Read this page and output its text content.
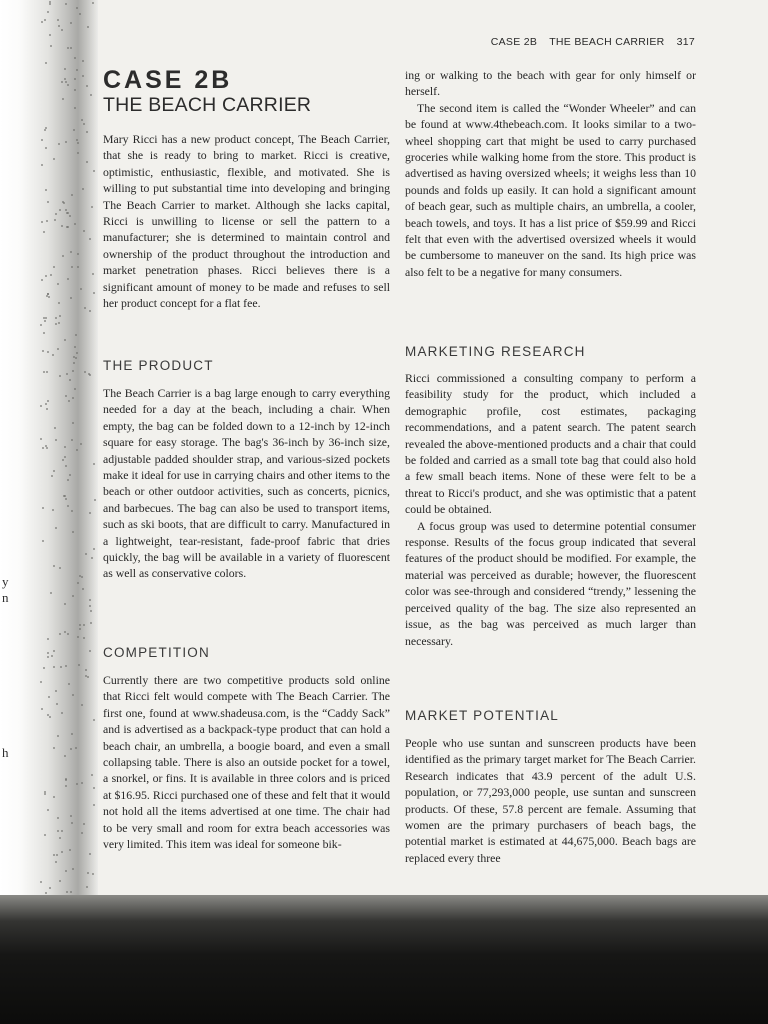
y
n
h
CASE 2B THE BEACH CARRIER 317
CASE 2B
THE BEACH CARRIER

Mary Ricci has a new product concept, The Beach Carrier, that she is ready to bring to market. Ricci is creative, optimistic, enthusiastic, flexible, and motivated. She is willing to put substantial time into developing and bringing The Beach Carrier to market. Although she lacks capital, Ricci is unwilling to license or sell the pattern to a manufacturer; she is determined to maintain control and ownership of the product throughout the introduction and market penetration phases. Ricci believes there is a significant amount of money to be made and refuses to sell her product concept for a flat fee.

THE PRODUCT

The Beach Carrier is a bag large enough to carry everything needed for a day at the beach, including a chair. When empty, the bag can be folded down to a 12-inch by 12-inch square for easy storage. The bag's 36-inch by 36-inch size, adjustable padded shoulder strap, and various-sized pockets make it ideal for use in carrying chairs and other items to the beach or other outdoor activities, such as concerts, picnics, and barbecues. The bag can also be used to transport items, such as ski boots, that are difficult to carry. Manufactured in a lightweight, tear-resistant, fade-proof fabric that dries quickly, the bag will be available in a variety of fluorescent as well as conservative colors.

COMPETITION

Currently there are two competitive products sold online that Ricci felt would compete with The Beach Carrier. The first one, found at www.shadeusa.com, is the “Caddy Sack” and is advertised as a backpack-type product that can hold a beach chair, an umbrella, a boogie board, and even a small collapsing table. There is also an outside pocket for a towel, a snorkel, or fins. It is available in three colors and is priced at $16.95. Ricci purchased one of these and felt that it would not hold all the items advertised at one time. The chair had to be very small and room for extra beach accessories was very limited. This item was ideal for someone bik-

ing or walking to the beach with gear for only himself or herself.

The second item is called the “Wonder Wheeler” and can be found at www.4thebeach.com. It looks similar to a two-wheel shopping cart that might be used to carry purchased groceries while walking home from the store. This product is advertised as having oversized wheels; it weighs less than 10 pounds and folds up easily. It can hold a significant amount of beach gear, such as multiple chairs, an umbrella, a cooler, beach towels, and toys. It has a list price of $59.99 and Ricci felt that even with the advertised oversized wheels it would be cumbersome to maneuver on the sand. Its high price was also felt to be a negative for many consumers.

MARKETING RESEARCH

Ricci commissioned a consulting company to perform a feasibility study for the product, which included a demographic profile, cost estimates, packaging recommendations, and a patent search. The patent search revealed the above-mentioned products and a chair that could be folded and carried as a small tote bag that could also hold a few small beach items. None of these were felt to be a threat to Ricci's product, and she was optimistic that a patent could be obtained.

A focus group was used to determine potential consumer response. Results of the focus group indicated that several features of the product should be modified. For example, the material was perceived as durable; however, the fluorescent color was see-through and considered “trendy,” lessening the perceived quality of the bag. The size also represented an issue, as the bag was perceived as much larger than necessary.

MARKET POTENTIAL

People who use suntan and sunscreen products have been identified as the primary target market for The Beach Carrier. Research indicates that 43.9 percent of the adult U.S. population, or 77,293,000 people, use suntan and sunscreen products. Of these, 57.8 percent are female. Assuming that women are the primary purchasers of beach bags, the potential market is estimated at 44,675,000. Beach bags are replaced every three
